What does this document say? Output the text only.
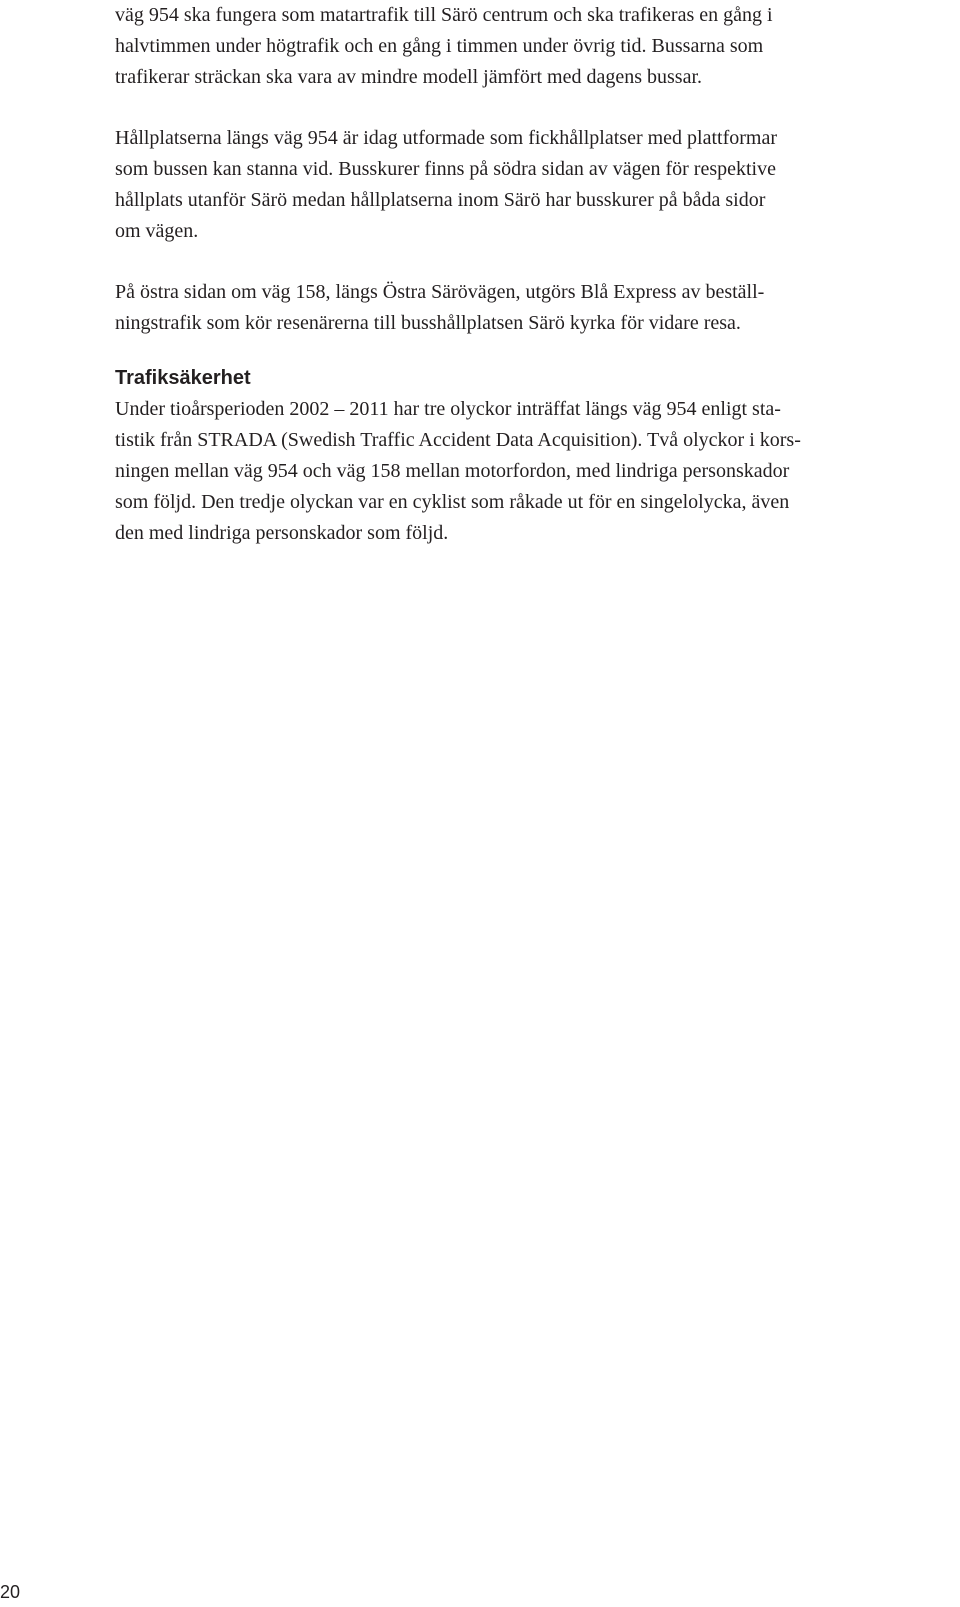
väg 954 ska fungera som matartrafik till Särö centrum och ska trafikeras en gång i
halvtimmen under högtrafik och en gång i timmen under övrig tid. Bussarna som
trafikerar sträckan ska vara av mindre modell jämfört med dagens bussar.

Hållplatserna längs väg 954 är idag utformade som fickhållplatser med plattformar
som bussen kan stanna vid. Busskurer finns på södra sidan av vägen för respektive
hållplats utanför Särö medan hållplatserna inom Särö har busskurer på båda sidor
om vägen.

På östra sidan om väg 158, längs Östra Särövägen, utgörs Blå Express av beställ-
ningstrafik som kör resenärerna till busshållplatsen Särö kyrka för vidare resa.

Trafiksäkerhet

Under tioårsperioden 2002 – 2011 har tre olyckor inträffat längs väg 954 enligt sta-
tistik från STRADA (Swedish Traffic Accident Data Acquisition). Två olyckor i kors-
ningen mellan väg 954 och väg 158 mellan motorfordon, med lindriga personskador
som följd. Den tredje olyckan var en cyklist som råkade ut för en singelolycka, även
den med lindriga personskador som följd.

20
